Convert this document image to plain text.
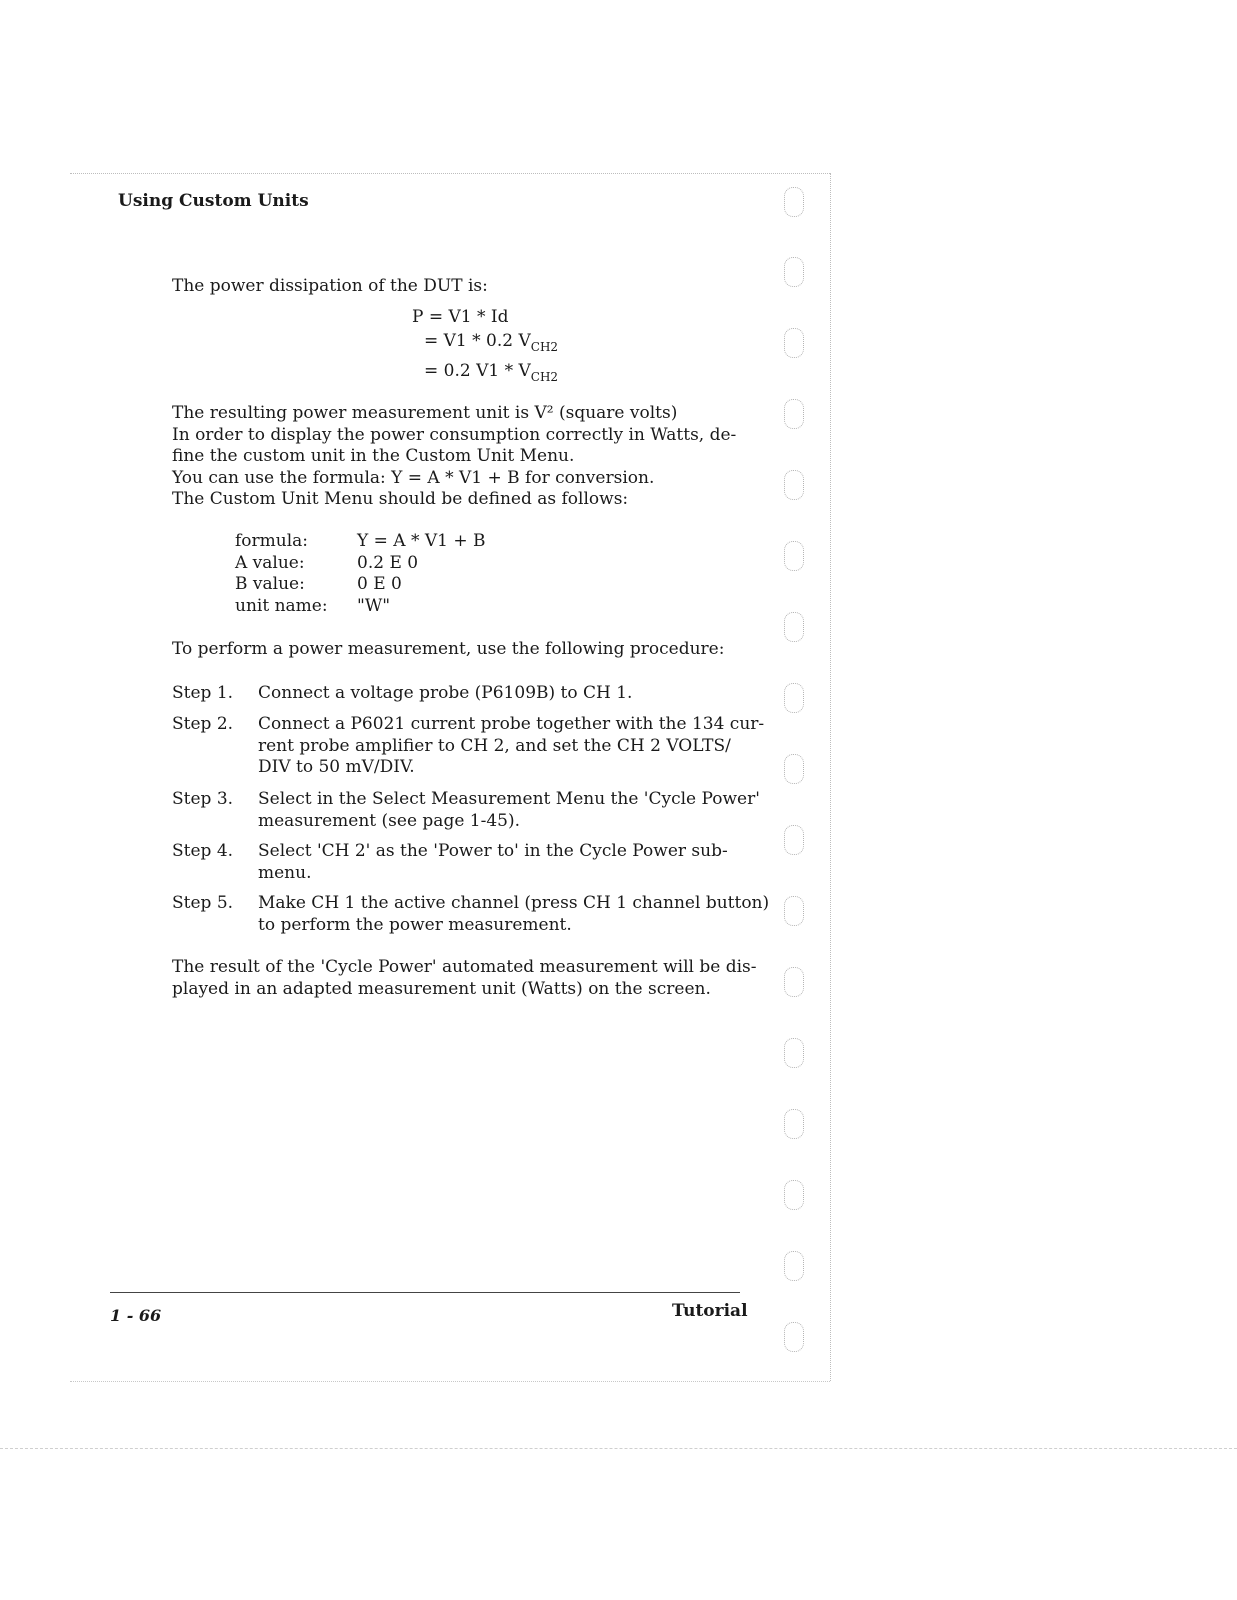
Using Custom Units
The power dissipation of the DUT is:
P = V1 * Id
= V1 * 0.2 $V_{CH2}$
= 0.2 $V1 * V_{CH2}$
The resulting power measurement unit is V² (square volts)
In order to display the power consumption correctly in Watts, de-
fine the custom unit in the Custom Unit Menu.
You can use the formula: Y = A * V1 + B for conversion.
The Custom Unit Menu should be defined as follows:
formula:	Y = A * V1 + B
A value:	0.2 E 0
B value:	0 E 0
unit name:	"W"
To perform a power measurement, use the following procedure:
Step 1.	Connect a voltage probe (P6109B) to CH 1.
Step 2.	Connect a P6021 current probe together with the 134 cur-
rent probe amplifier to CH 2, and set the CH 2 VOLTS/
DIV to 50 mV/DIV.
Step 3.	Select in the Select Measurement Menu the 'Cycle Power'
measurement (see page 1-45).
Step 4.	Select 'CH 2' as the 'Power to' in the Cycle Power sub-
menu.
Step 5.	Make CH 1 the active channel (press CH 1 channel button)
to perform the power measurement.
The result of the 'Cycle Power' automated measurement will be dis-
played in an adapted measurement unit (Watts) on the screen.
1 - 66	Tutorial
